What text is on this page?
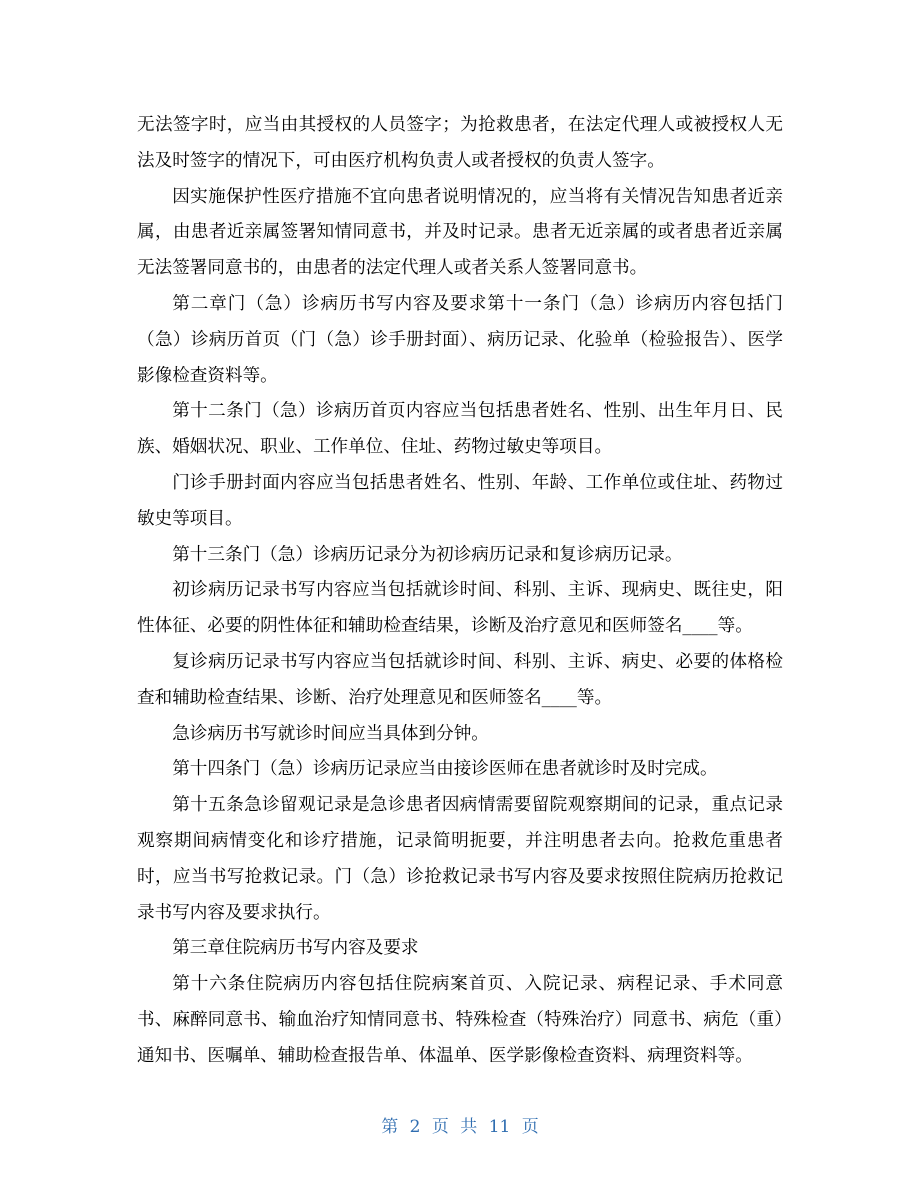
无法签字时，应当由其授权的人员签字；为抢救患者，在法定代理人或被授权人无法及时签字的情况下，可由医疗机构负责人或者授权的负责人签字。

因实施保护性医疗措施不宜向患者说明情况的，应当将有关情况告知患者近亲属，由患者近亲属签署知情同意书，并及时记录。患者无近亲属的或者患者近亲属无法签署同意书的，由患者的法定代理人或者关系人签署同意书。

第二章门（急）诊病历书写内容及要求第十一条门（急）诊病历内容包括门（急）诊病历首页（门（急）诊手册封面）、病历记录、化验单（检验报告）、医学影像检查资料等。

第十二条门（急）诊病历首页内容应当包括患者姓名、性别、出生年月日、民族、婚姻状况、职业、工作单位、住址、药物过敏史等项目。

门诊手册封面内容应当包括患者姓名、性别、年龄、工作单位或住址、药物过敏史等项目。

第十三条门（急）诊病历记录分为初诊病历记录和复诊病历记录。

初诊病历记录书写内容应当包括就诊时间、科别、主诉、现病史、既往史，阳性体征、必要的阴性体征和辅助检查结果，诊断及治疗意见和医师签名____等。

复诊病历记录书写内容应当包括就诊时间、科别、主诉、病史、必要的体格检查和辅助检查结果、诊断、治疗处理意见和医师签名____等。

急诊病历书写就诊时间应当具体到分钟。

第十四条门（急）诊病历记录应当由接诊医师在患者就诊时及时完成。

第十五条急诊留观记录是急诊患者因病情需要留院观察期间的记录，重点记录观察期间病情变化和诊疗措施，记录简明扼要，并注明患者去向。抢救危重患者时，应当书写抢救记录。门（急）诊抢救记录书写内容及要求按照住院病历抢救记录书写内容及要求执行。

第三章住院病历书写内容及要求

第十六条住院病历内容包括住院病案首页、入院记录、病程记录、手术同意书、麻醉同意书、输血治疗知情同意书、特殊检查（特殊治疗）同意书、病危（重）通知书、医嘱单、辅助检查报告单、体温单、医学影像检查资料、病理资料等。

第 2 页 共 11 页
